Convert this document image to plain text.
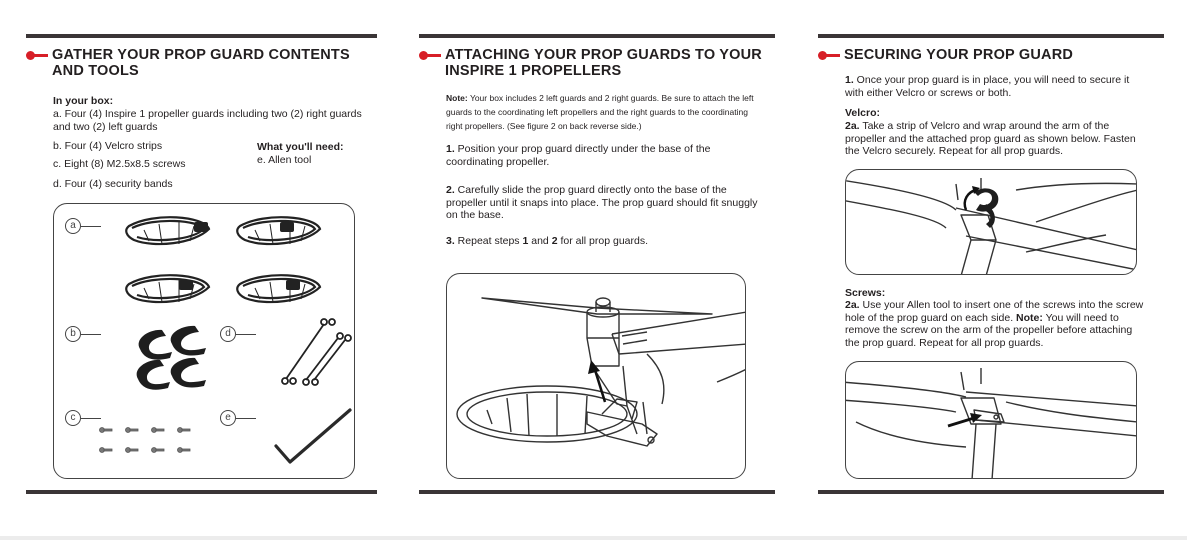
GATHER YOUR PROP GUARD CONTENTS AND TOOLS
In your box:
a. Four (4) Inspire 1 propeller guards including two (2) right guards and two (2) left guards
b. Four (4) Velcro strips
c. Eight (8) M2.5x8.5 screws
d. Four (4) security bands
What you'll need:
e. Allen tool
a
b
c
d
e
ATTACHING YOUR PROP GUARDS TO YOUR INSPIRE 1 PROPELLERS
Note: Your box includes 2 left guards and 2 right guards. Be sure to attach the left guards to the coordinating left propellers and the right guards to the coordinating right propellers. (See figure 2 on back reverse side.)
1. Position your prop guard directly under the base of the coordinating propeller.
2. Carefully slide the prop guard directly onto the base of the propeller until it snaps into place. The prop guard should fit snuggly on the base.
3. Repeat steps 1 and 2 for all prop guards.
SECURING YOUR PROP GUARD
1. Once your prop guard is in place, you will need to secure it with either Velcro or screws or both.
Velcro:
2a. Take a strip of Velcro and wrap around the arm of the propeller and the attached prop guard as shown below. Fasten the Velcro securely. Repeat for all prop guards.
Screws:
2a. Use your Allen tool to insert one of the screws into the screw hole of the prop guard on each side. Note: You will need to remove the screw on the arm of the propeller before attaching the prop guard. Repeat for all prop guards.
